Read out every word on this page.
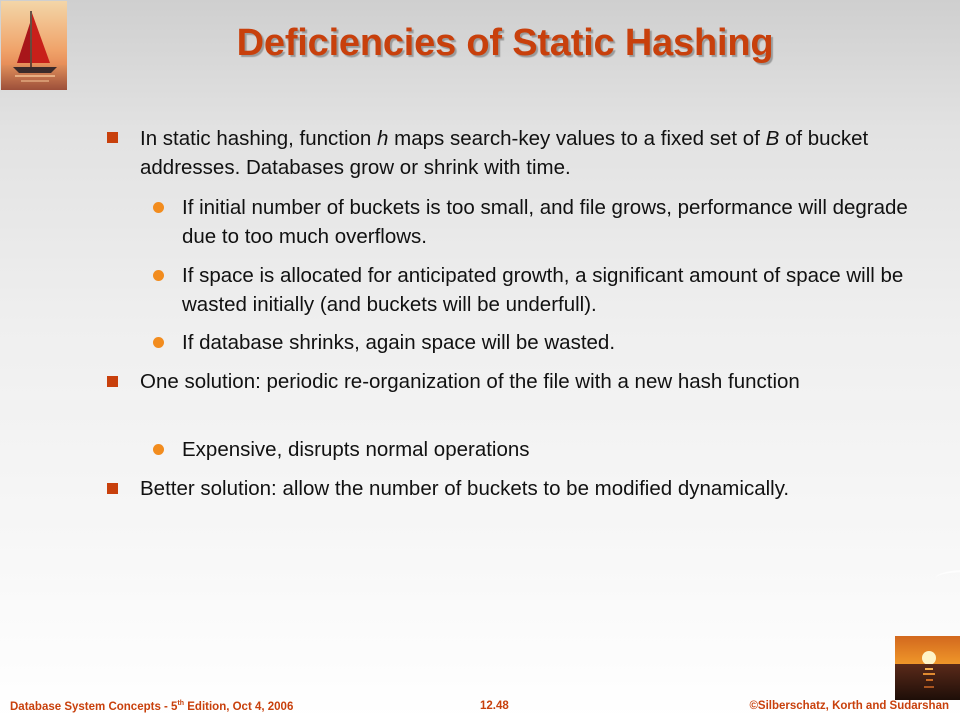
Deficiencies of Static Hashing
In static hashing, function h maps search-key values to a fixed set of B of bucket addresses. Databases grow or shrink with time.
If initial number of buckets is too small, and file grows, performance will degrade due to too much overflows.
If space is allocated for anticipated growth, a significant amount of space will be wasted initially (and buckets will be underfull).
If database shrinks, again space will be wasted.
One solution: periodic re-organization of the file with a new hash function
Expensive, disrupts normal operations
Better solution: allow the number of buckets to be modified dynamically.
Database System Concepts - 5th Edition, Oct 4, 2006	12.48	©Silberschatz, Korth and Sudarshan
